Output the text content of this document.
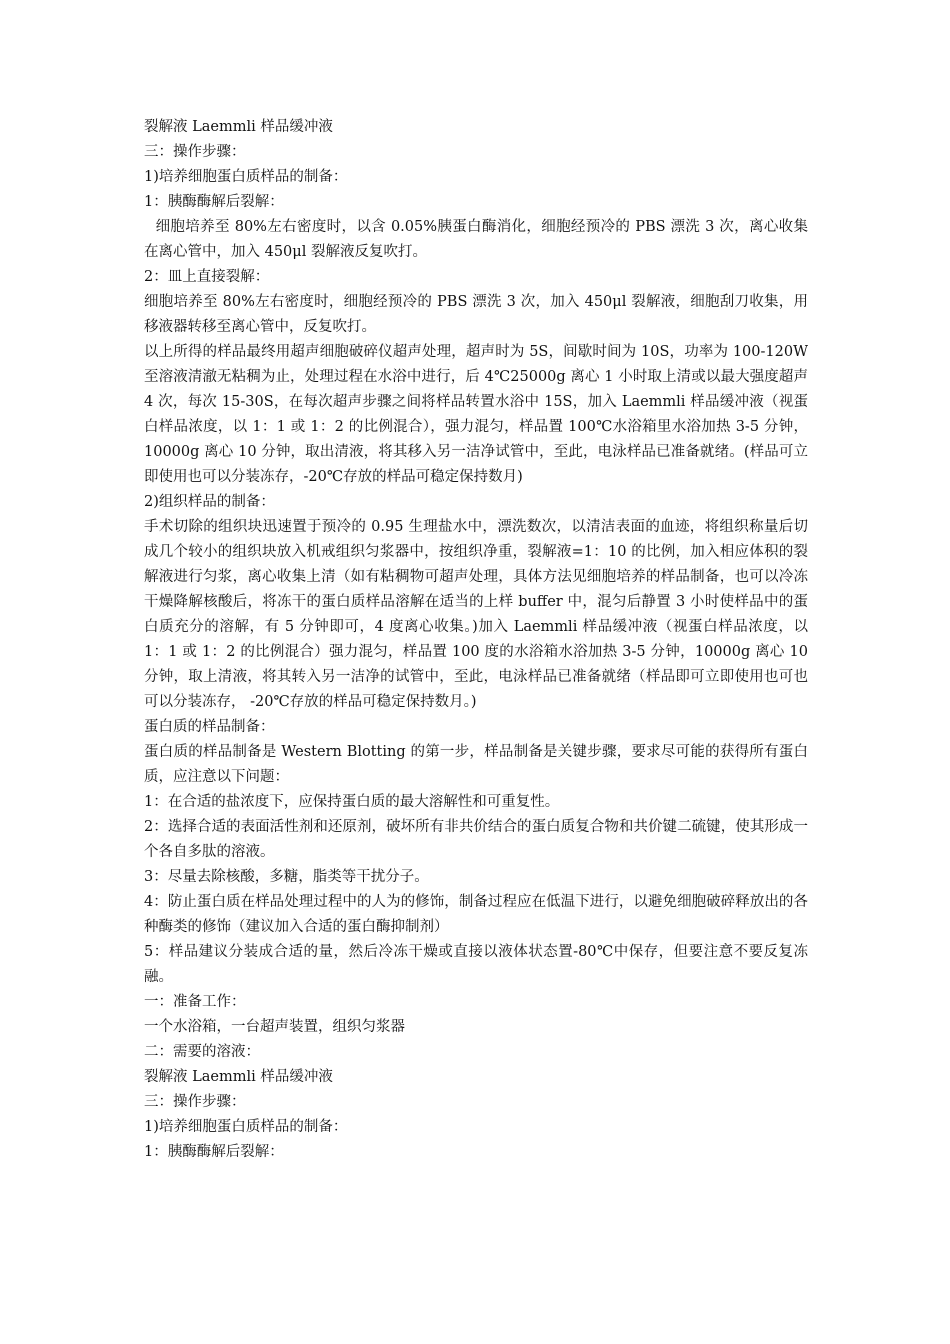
裂解液 Laemmli 样品缓冲液

三：操作步骤：

1)培养细胞蛋白质样品的制备：

1：胰酶酶解后裂解：

细胞培养至 80%左右密度时，以含 0.05%胰蛋白酶消化，细胞经预冷的 PBS 漂洗 3 次，离心收集在离心管中，加入 450μl 裂解液反复吹打。

2：皿上直接裂解：

细胞培养至 80%左右密度时，细胞经预冷的 PBS 漂洗 3 次，加入 450μl 裂解液，细胞刮刀收集，用移液器转移至离心管中，反复吹打。

以上所得的样品最终用超声细胞破碎仪超声处理，超声时为 5S，间歇时间为 10S，功率为 100-120W 至溶液清澈无粘稠为止，处理过程在水浴中进行，后 4℃25000g 离心 1 小时取上清或以最大强度超声 4 次，每次 15-30S，在每次超声步骤之间将样品转置水浴中 15S，加入 Laemmli 样品缓冲液（视蛋白样品浓度，以 1：1 或 1：2 的比例混合），强力混匀，样品置 100℃水浴箱里水浴加热 3-5 分钟，10000g 离心 10 分钟，取出清液，将其移入另一洁净试管中，至此，电泳样品已准备就绪。(样品可立即使用也可以分装冻存，-20℃存放的样品可稳定保持数月)

2)组织样品的制备：

手术切除的组织块迅速置于预冷的 0.95 生理盐水中，漂洗数次，以清洁表面的血迹，将组织称量后切成几个较小的组织块放入机戒组织匀浆器中，按组织净重，裂解液=1：10 的比例，加入相应体积的裂解液进行匀浆，离心收集上清（如有粘稠物可超声处理，具体方法见细胞培养的样品制备，也可以冷冻干燥降解核酸后，将冻干的蛋白质样品溶解在适当的上样 buffer 中，混匀后静置 3 小时使样品中的蛋白质充分的溶解，有 5 分钟即可，4 度离心收集。)加入 Laemmli 样品缓冲液（视蛋白样品浓度，以 1：1 或 1：2 的比例混合）强力混匀，样品置 100 度的水浴箱水浴加热 3-5 分钟，10000g 离心 10 分钟，取上清液，将其转入另一洁净的试管中，至此，电泳样品已准备就绪（样品即可立即使用也可也可以分装冻存， -20℃存放的样品可稳定保持数月。)

蛋白质的样品制备：

蛋白质的样品制备是 Western Blotting 的第一步，样品制备是关键步骤，要求尽可能的获得所有蛋白质，应注意以下问题：

1：在合适的盐浓度下，应保持蛋白质的最大溶解性和可重复性。

2：选择合适的表面活性剂和还原剂，破坏所有非共价结合的蛋白质复合物和共价键二硫键，使其形成一个各自多肽的溶液。

3：尽量去除核酸，多糖，脂类等干扰分子。

4：防止蛋白质在样品处理过程中的人为的修饰，制备过程应在低温下进行，以避免细胞破碎释放出的各种酶类的修饰（建议加入合适的蛋白酶抑制剂）

5：样品建议分装成合适的量，然后冷冻干燥或直接以液体状态置-80℃中保存，但要注意不要反复冻融。

一：准备工作：

一个水浴箱，一台超声装置，组织匀浆器

二：需要的溶液：

裂解液 Laemmli 样品缓冲液

三：操作步骤：

1)培养细胞蛋白质样品的制备：

1：胰酶酶解后裂解：
